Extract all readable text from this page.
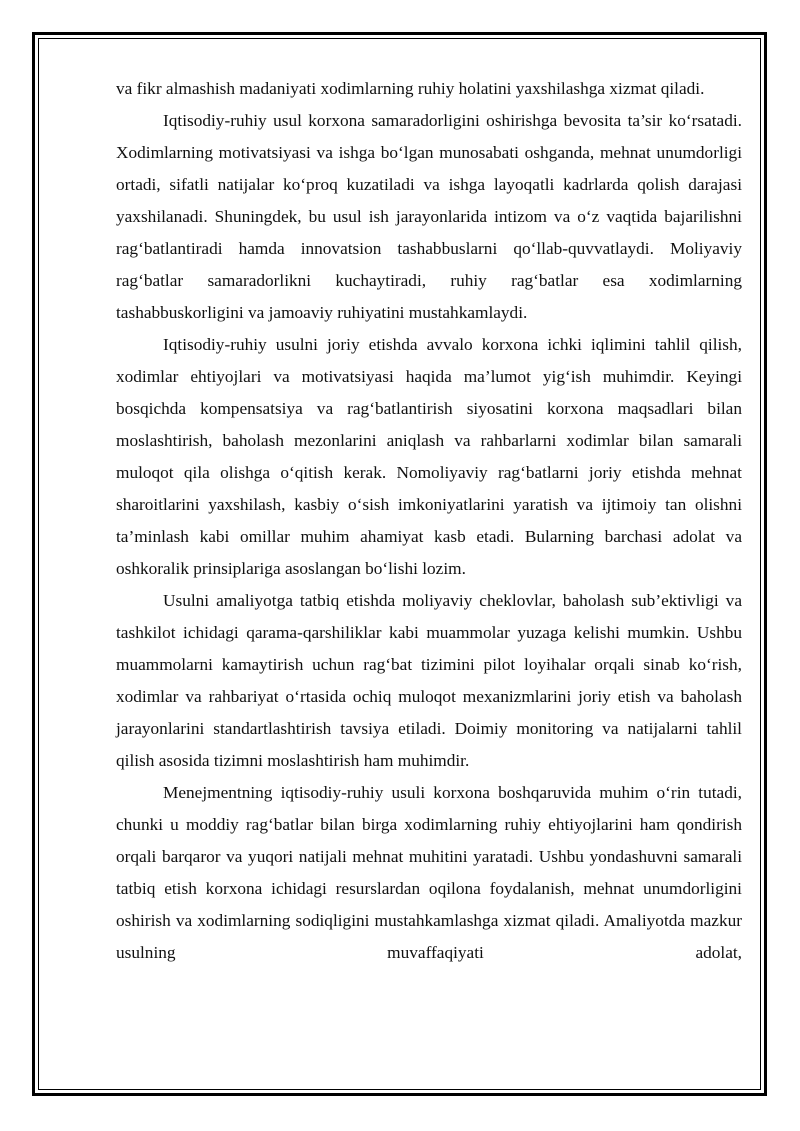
va fikr almashish madaniyati xodimlarning ruhiy holatini yaxshilashga xizmat qiladi.

Iqtisodiy-ruhiy usul korxona samaradorligini oshirishga bevosita ta’sir ko‘rsatadi. Xodimlarning motivatsiyasi va ishga bo‘lgan munosabati oshganda, mehnat unumdorligi ortadi, sifatli natijalar ko‘proq kuzatiladi va ishga layoqatli kadrlarda qolish darajasi yaxshilanadi. Shuningdek, bu usul ish jarayonlarida intizom va o‘z vaqtida bajarilishni rag‘batlantiradi hamda innovatsion tashabbuslarni qo‘llab-quvvatlaydi. Moliyaviy rag‘batlar samaradorlikni kuchaytiradi, ruhiy rag‘batlar esa xodimlarning tashabbuskorligini va jamoaviy ruhiyatini mustahkamlaydi.

Iqtisodiy-ruhiy usulni joriy etishda avvalo korxona ichki iqlimini tahlil qilish, xodimlar ehtiyojlari va motivatsiyasi haqida ma’lumot yig‘ish muhimdir. Keyingi bosqichda kompensatsiya va rag‘batlantirish siyosatini korxona maqsadlari bilan moslashtirish, baholash mezonlarini aniqlash va rahbarlarni xodimlar bilan samarali muloqot qila olishga o‘qitish kerak. Nomoliyaviy rag‘batlarni joriy etishda mehnat sharoitlarini yaxshilash, kasbiy o‘sish imkoniyatlarini yaratish va ijtimoiy tan olishni ta’minlash kabi omillar muhim ahamiyat kasb etadi. Bularning barchasi adolat va oshkoralik prinsiplariga asoslangan bo‘lishi lozim.

Usulni amaliyotga tatbiq etishda moliyaviy cheklovlar, baholash sub’ektivligi va tashkilot ichidagi qarama-qarshiliklar kabi muammolar yuzaga kelishi mumkin. Ushbu muammolarni kamaytirish uchun rag‘bat tizimini pilot loyihalar orqali sinab ko‘rish, xodimlar va rahbariyat o‘rtasida ochiq muloqot mexanizmlarini joriy etish va baholash jarayonlarini standartlashtirish tavsiya etiladi. Doimiy monitoring va natijalarni tahlil qilish asosida tizimni moslashtirish ham muhimdir.

Menejmentning iqtisodiy-ruhiy usuli korxona boshqaruvida muhim o‘rin tutadi, chunki u moddiy rag‘batlar bilan birga xodimlarning ruhiy ehtiyojlarini ham qondirish orqali barqaror va yuqori natijali mehnat muhitini yaratadi. Ushbu yondashuvni samarali tatbiq etish korxona ichidagi resurslardan oqilona foydalanish, mehnat unumdorligini oshirish va xodimlarning sodiqligini mustahkamlashga xizmat qiladi. Amaliyotda mazkur usulning muvaffaqiyati adolat,
